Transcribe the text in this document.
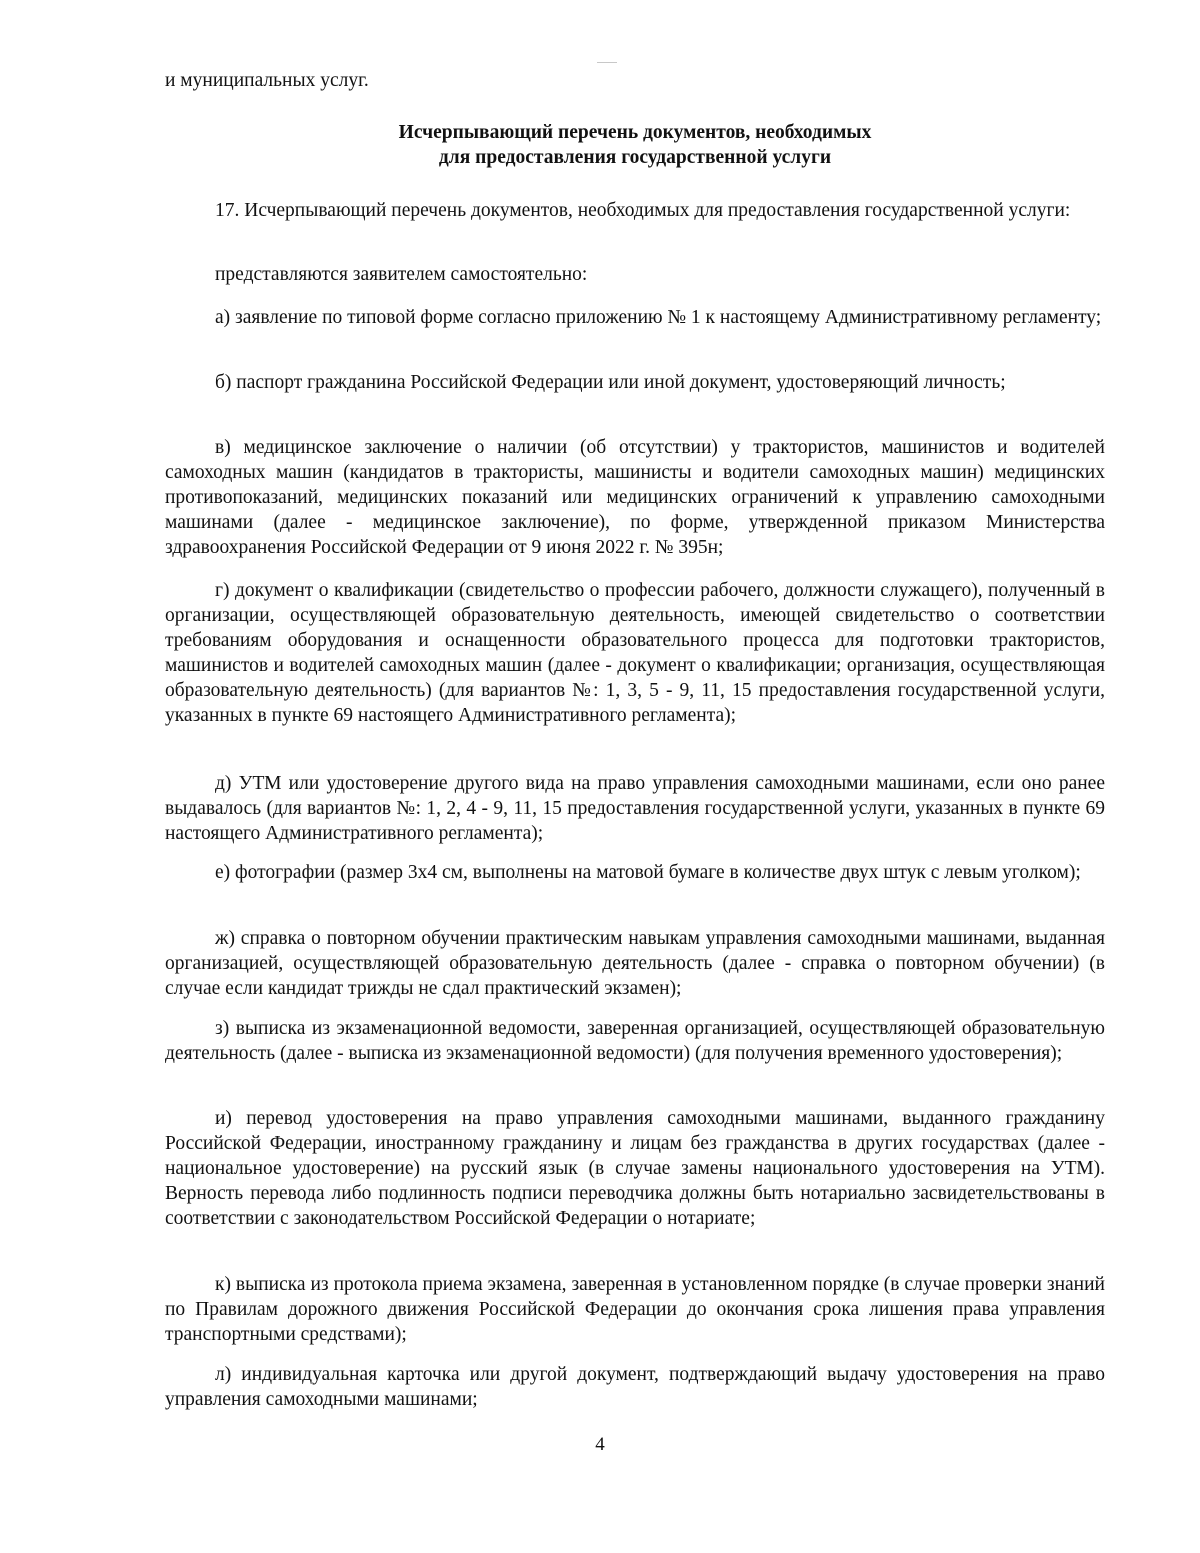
и муниципальных услуг.
Исчерпывающий перечень документов, необходимых
для предоставления государственной услуги
17. Исчерпывающий перечень документов, необходимых для предоставления государственной услуги:
представляются заявителем самостоятельно:
а) заявление по типовой форме согласно приложению № 1 к настоящему Административному регламенту;
б) паспорт гражданина Российской Федерации или иной документ, удостоверяющий личность;
в) медицинское заключение о наличии (об отсутствии) у трактористов, машинистов и водителей самоходных машин (кандидатов в трактористы, машинисты и водители самоходных машин) медицинских противопоказаний, медицинских показаний или медицинских ограничений к управлению самоходными машинами (далее - медицинское заключение), по форме, утвержденной приказом Министерства здравоохранения Российской Федерации от 9 июня 2022 г. № 395н;
г) документ о квалификации (свидетельство о профессии рабочего, должности служащего), полученный в организации, осуществляющей образовательную деятельность, имеющей свидетельство о соответствии требованиям оборудования и оснащенности образовательного процесса для подготовки трактористов, машинистов и водителей самоходных машин (далее - документ о квалификации; организация, осуществляющая образовательную деятельность) (для вариантов №: 1, 3, 5 - 9, 11, 15 предоставления государственной услуги, указанных в пункте 69 настоящего Административного регламента);
д) УТМ или удостоверение другого вида на право управления самоходными машинами, если оно ранее выдавалось (для вариантов №: 1, 2, 4 - 9, 11, 15 предоставления государственной услуги, указанных в пункте 69 настоящего Административного регламента);
е) фотографии (размер 3х4 см, выполнены на матовой бумаге в количестве двух штук с левым уголком);
ж) справка о повторном обучении практическим навыкам управления самоходными машинами, выданная организацией, осуществляющей образовательную деятельность (далее - справка о повторном обучении) (в случае если кандидат трижды не сдал практический экзамен);
з) выписка из экзаменационной ведомости, заверенная организацией, осуществляющей образовательную деятельность (далее - выписка из экзаменационной ведомости) (для получения временного удостоверения);
и) перевод удостоверения на право управления самоходными машинами, выданного гражданину Российской Федерации, иностранному гражданину и лицам без гражданства в других государствах (далее - национальное удостоверение) на русский язык (в случае замены национального удостоверения на УТМ). Верность перевода либо подлинность подписи переводчика должны быть нотариально засвидетельствованы в соответствии с законодательством Российской Федерации о нотариате;
к) выписка из протокола приема экзамена, заверенная в установленном порядке (в случае проверки знаний по Правилам дорожного движения Российской Федерации до окончания срока лишения права управления транспортными средствами);
л) индивидуальная карточка или другой документ, подтверждающий выдачу удостоверения на право управления самоходными машинами;
4
